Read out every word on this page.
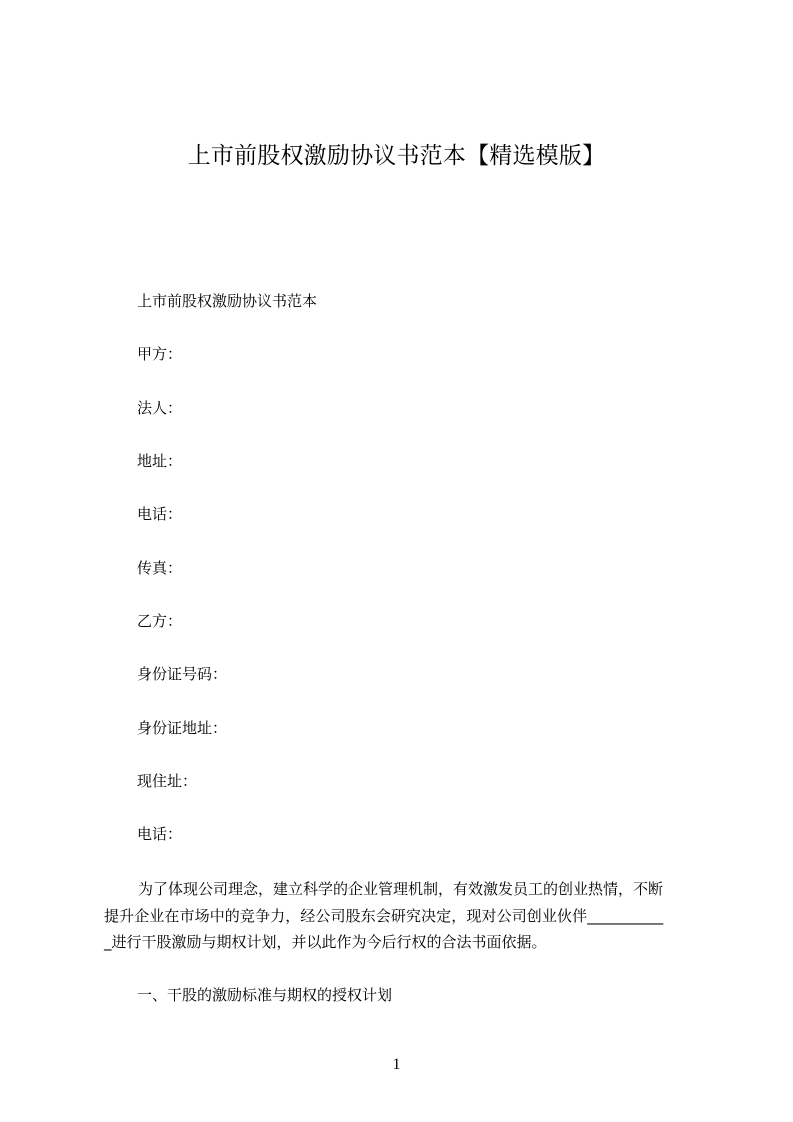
上市前股权激励协议书范本【精选模版】
上市前股权激励协议书范本
甲方：
法人：
地址：
电话：
传真：
乙方：
身份证号码：
身份证地址：
现住址：
电话：
为了体现公司理念，建立科学的企业管理机制，有效激发员工的创业热情，不断
提升企业在市场中的竞争力，经公司股东会研究决定，现对公司创业伙伴__________
_进行干股激励与期权计划，并以此作为今后行权的合法书面依据。
一、干股的激励标准与期权的授权计划
1
